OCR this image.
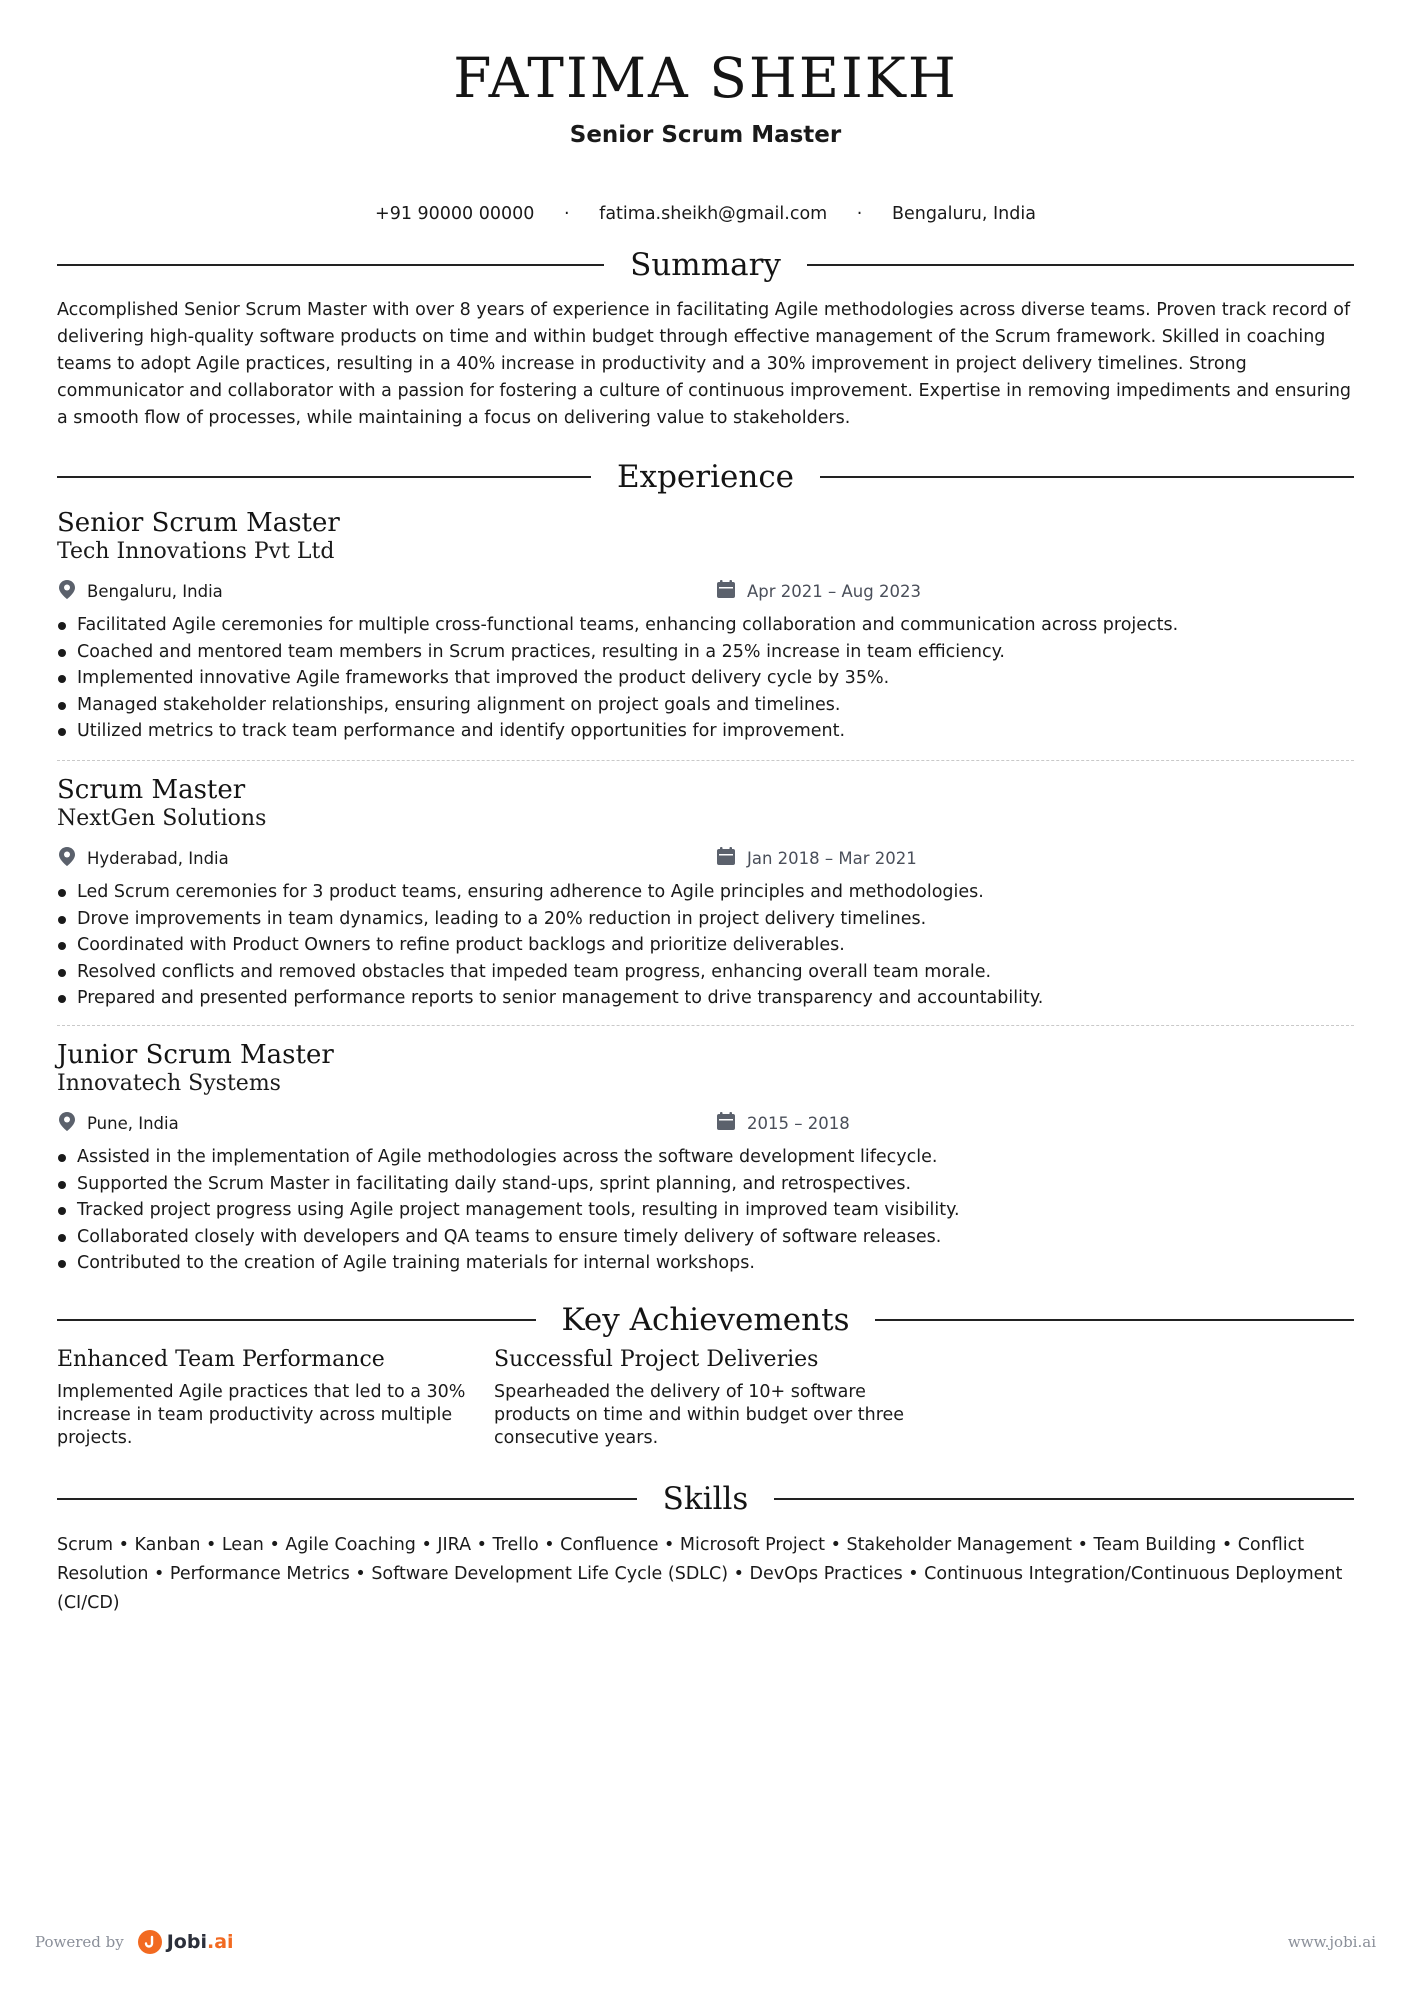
FATIMA SHEIKH
Senior Scrum Master
+91 90000 00000 · fatima.sheikh@gmail.com · Bengaluru, India
Summary
Accomplished Senior Scrum Master with over 8 years of experience in facilitating Agile methodologies across diverse teams. Proven track record of delivering high-quality software products on time and within budget through effective management of the Scrum framework. Skilled in coaching teams to adopt Agile practices, resulting in a 40% increase in productivity and a 30% improvement in project delivery timelines. Strong communicator and collaborator with a passion for fostering a culture of continuous improvement. Expertise in removing impediments and ensuring a smooth flow of processes, while maintaining a focus on delivering value to stakeholders.
Experience
Senior Scrum Master
Tech Innovations Pvt Ltd
Bengaluru, India	Apr 2021 – Aug 2023
Facilitated Agile ceremonies for multiple cross-functional teams, enhancing collaboration and communication across projects.
Coached and mentored team members in Scrum practices, resulting in a 25% increase in team efficiency.
Implemented innovative Agile frameworks that improved the product delivery cycle by 35%.
Managed stakeholder relationships, ensuring alignment on project goals and timelines.
Utilized metrics to track team performance and identify opportunities for improvement.
Scrum Master
NextGen Solutions
Hyderabad, India	Jan 2018 – Mar 2021
Led Scrum ceremonies for 3 product teams, ensuring adherence to Agile principles and methodologies.
Drove improvements in team dynamics, leading to a 20% reduction in project delivery timelines.
Coordinated with Product Owners to refine product backlogs and prioritize deliverables.
Resolved conflicts and removed obstacles that impeded team progress, enhancing overall team morale.
Prepared and presented performance reports to senior management to drive transparency and accountability.
Junior Scrum Master
Innovatech Systems
Pune, India	2015 – 2018
Assisted in the implementation of Agile methodologies across the software development lifecycle.
Supported the Scrum Master in facilitating daily stand-ups, sprint planning, and retrospectives.
Tracked project progress using Agile project management tools, resulting in improved team visibility.
Collaborated closely with developers and QA teams to ensure timely delivery of software releases.
Contributed to the creation of Agile training materials for internal workshops.
Key Achievements
Enhanced Team Performance
Implemented Agile practices that led to a 30% increase in team productivity across multiple projects.
Successful Project Deliveries
Spearheaded the delivery of 10+ software products on time and within budget over three consecutive years.
Skills
Scrum • Kanban • Lean • Agile Coaching • JIRA • Trello • Confluence • Microsoft Project • Stakeholder Management • Team Building • Conflict Resolution • Performance Metrics • Software Development Life Cycle (SDLC) • DevOps Practices • Continuous Integration/Continuous Deployment (CI/CD)
Powered by Jobi.ai	www.jobi.ai
